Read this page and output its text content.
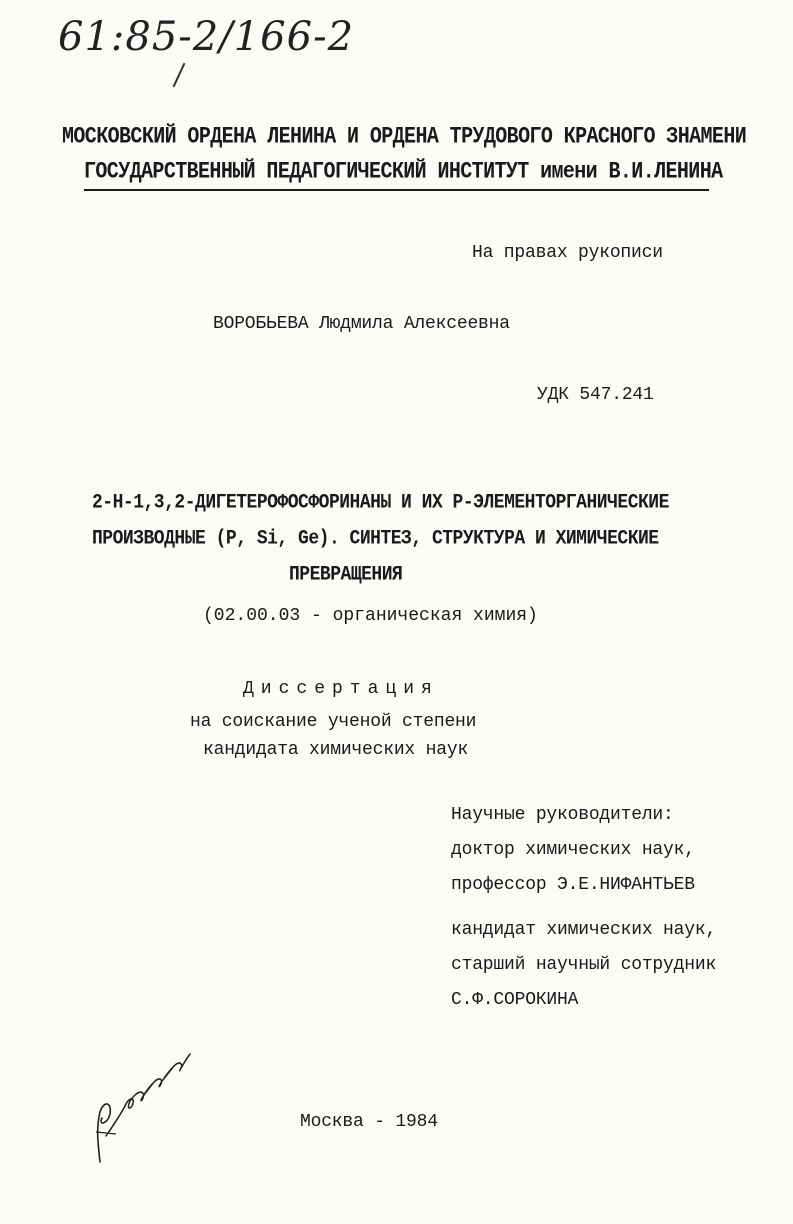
61:85-2/166-2
МОСКОВСКИЙ ОРДЕНА ЛЕНИНА И ОРДЕНА ТРУДОВОГО КРАСНОГО ЗНАМЕНИ
ГОСУДАРСТВЕННЫЙ ПЕДАГОГИЧЕСКИЙ ИНСТИТУТ имени В.И.ЛЕНИНА
На правах рукописи
ВОРОБЬЕВА Людмила Алексеевна
УДК 547.241
2-Н-1,3,2-ДИГЕТЕРОФОСФОРИНАНЫ И ИХ Р-ЭЛЕМЕНТОРГАНИЧЕСКИЕ
ПРОИЗВОДНЫЕ (P, Si, Ge). СИНТЕЗ, СТРУКТУРА И ХИМИЧЕСКИЕ
ПРЕВРАЩЕНИЯ
(02.00.03 - органическая химия)
Диссертация
на соискание ученой степени
кандидата химических наук
Научные руководители:
доктор химических наук,
профессор Э.Е.НИФАНТЬЕВ
кандидат химических наук,
старший научный сотрудник
С.Ф.СОРОКИНА
Москва - 1984
